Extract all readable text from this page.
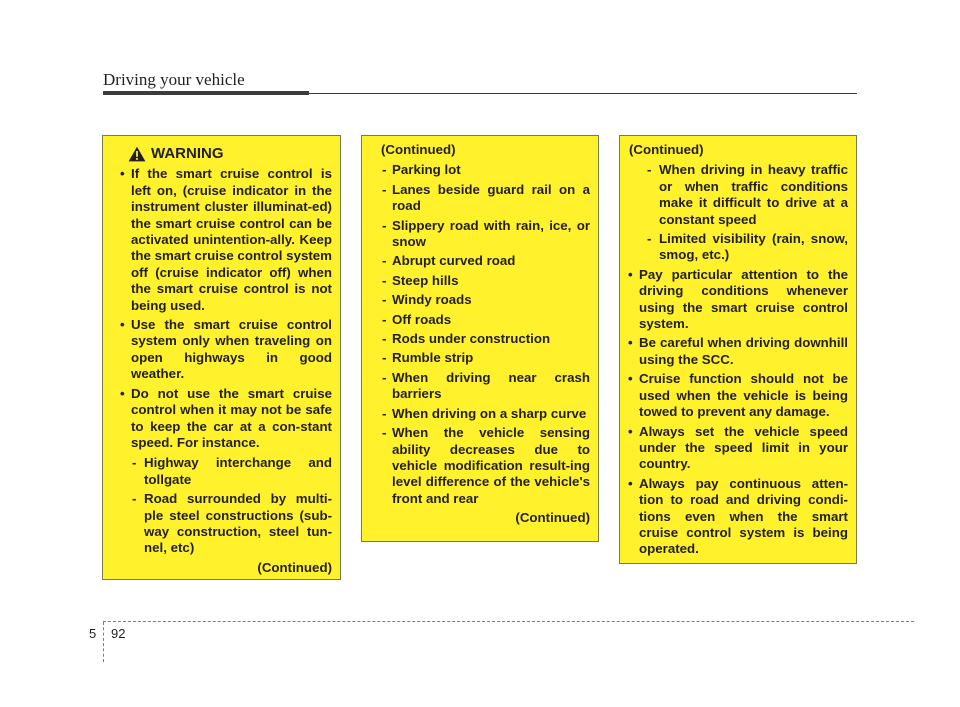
Driving your vehicle
WARNING
• If the smart cruise control is left on, (cruise indicator in the instrument cluster illuminat-ed) the smart cruise control can be activated unintention-ally. Keep the smart cruise control system off (cruise indicator off) when the smart cruise control is not being used.
• Use the smart cruise control system only when traveling on open highways in good weather.
• Do not use the smart cruise control when it may not be safe to keep the car at a con-stant speed. For instance.
- Highway interchange and tollgate
- Road surrounded by multi-ple steel constructions (sub-way construction, steel tun-nel, etc)
(Continued)
(Continued)
- Parking lot
- Lanes beside guard rail on a road
- Slippery road with rain, ice, or snow
- Abrupt curved road
- Steep hills
- Windy roads
- Off roads
- Rods under construction
- Rumble strip
- When driving near crash barriers
- When driving on a sharp curve
- When the vehicle sensing ability decreases due to vehicle modification result-ing level difference of the vehicle's front and rear
(Continued)
(Continued)
- When driving in heavy traffic or when traffic conditions make it difficult to drive at a constant speed
- Limited visibility (rain, snow, smog, etc.)
• Pay particular attention to the driving conditions whenever using the smart cruise control system.
• Be careful when driving downhill using the SCC.
• Cruise function should not be used when the vehicle is being towed to prevent any damage.
• Always set the vehicle speed under the speed limit in your country.
• Always pay continuous atten-tion to road and driving condi-tions even when the smart cruise control system is being operated.
5 92
